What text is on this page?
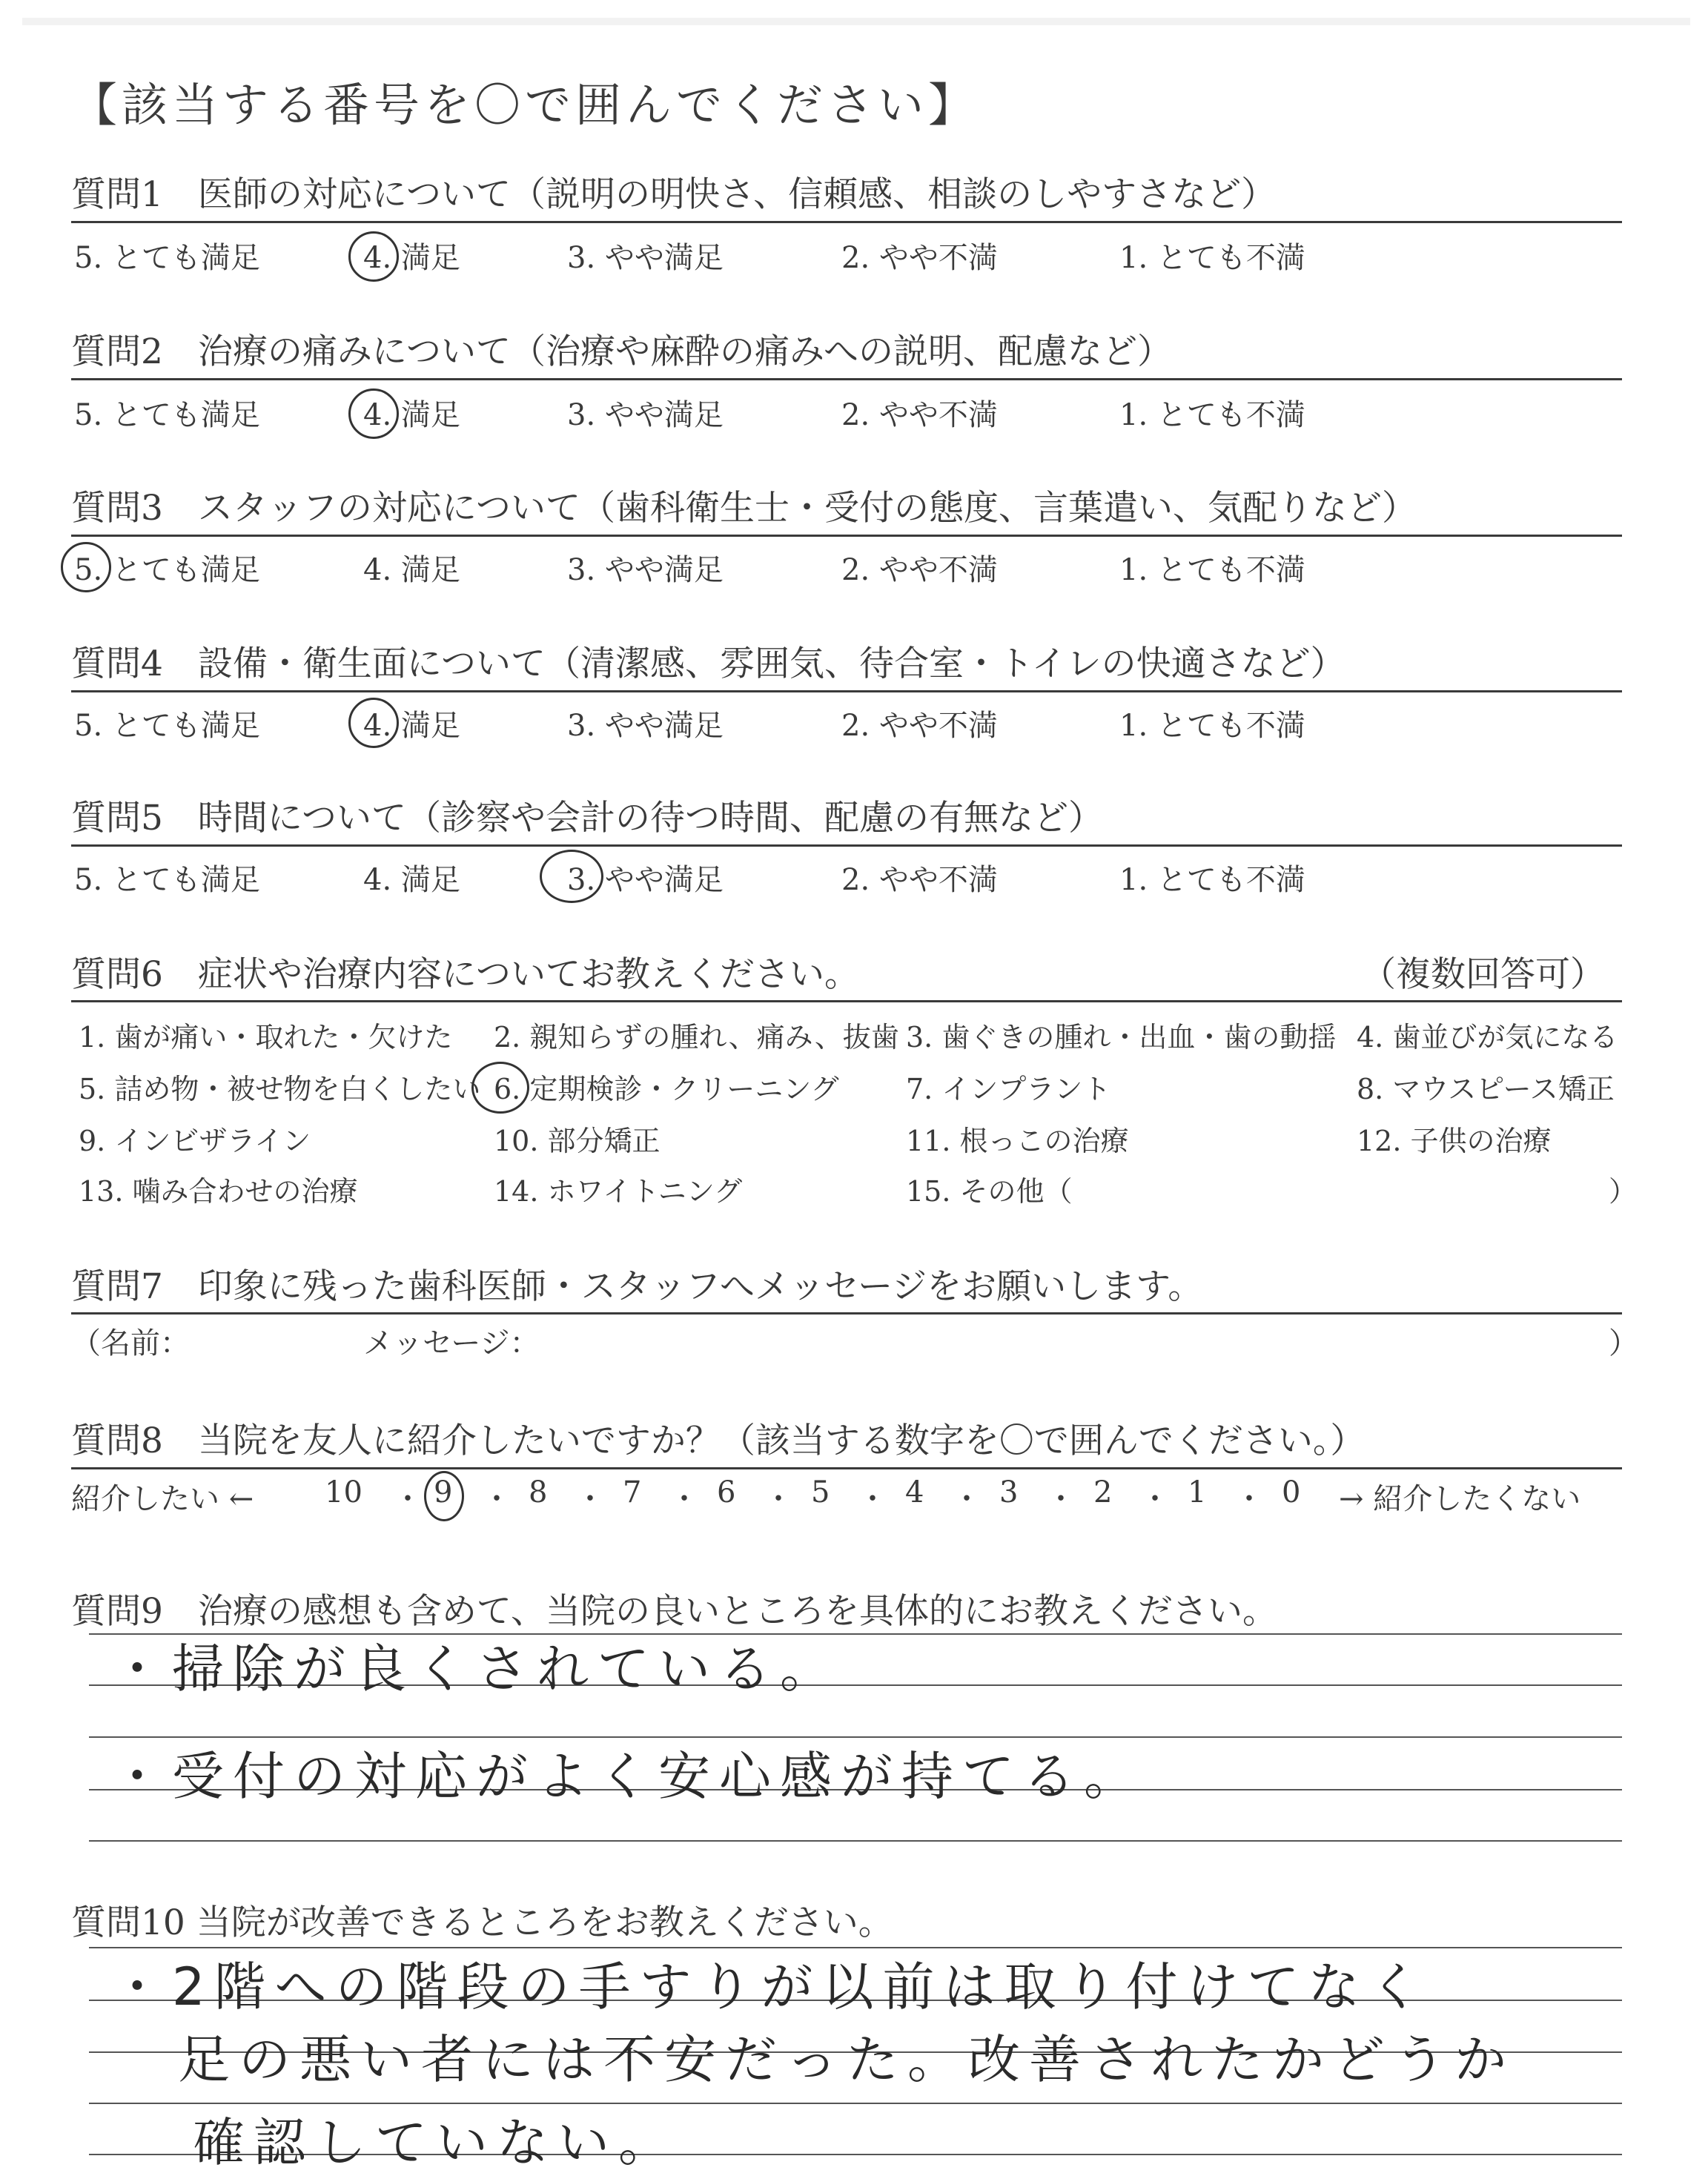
【該当する番号を〇で囲んでください】
質問1　医師の対応について（説明の明快さ、信頼感、相談のしやすさなど）
5. とても満足	4. 満足	3. やや満足	2. やや不満	1. とても不満
質問2　治療の痛みについて（治療や麻酔の痛みへの説明、配慮など）
5. とても満足	4. 満足	3. やや満足	2. やや不満	1. とても不満
質問3　スタッフの対応について（歯科衛生士・受付の態度、言葉遣い、気配りなど）
5. とても満足	4. 満足	3. やや満足	2. やや不満	1. とても不満
質問4　設備・衛生面について（清潔感、雰囲気、待合室・トイレの快適さなど）
5. とても満足	4. 満足	3. やや満足	2. やや不満	1. とても不満
質問5　時間について（診察や会計の待つ時間、配慮の有無など）
5. とても満足	4. 満足	3. やや満足	2. やや不満	1. とても不満
質問6　症状や治療内容についてお教えください。	（複数回答可）
1. 歯が痛い・取れた・欠けた 2. 親知らずの腫れ、痛み、抜歯 3. 歯ぐきの腫れ・出血・歯の動揺 4. 歯並びが気になる
5. 詰め物・被せ物を白くしたい 6. 定期検診・クリーニング 7. インプラント	8. マウスピース矯正
9. インビザライン	10. 部分矯正	11. 根っこの治療	12. 子供の治療
13. 噛み合わせの治療	14. ホワイトニング	15. その他（	）
質問7　印象に残った歯科医師・スタッフへメッセージをお願いします。
（名前：	メッセージ：	）
質問8　当院を友人に紹介したいですか？（該当する数字を〇で囲んでください。）
紹介したい ← 10 ・ 9 ・ 8 ・ 7 ・ 6 ・ 5 ・ 4 ・ 3 ・ 2 ・ 1 ・ 0 → 紹介したくない
質問9　治療の感想も含めて、当院の良いところを具体的にお教えください。
・掃除が良くされている。
・受付の対応がよく安心感が持てる。
質問10 当院が改善できるところをお教えください。
・2階への階段の手すりが以前は取り付けてなく
足の悪い者には不安だった。改善されたかどうか
確認していない。
